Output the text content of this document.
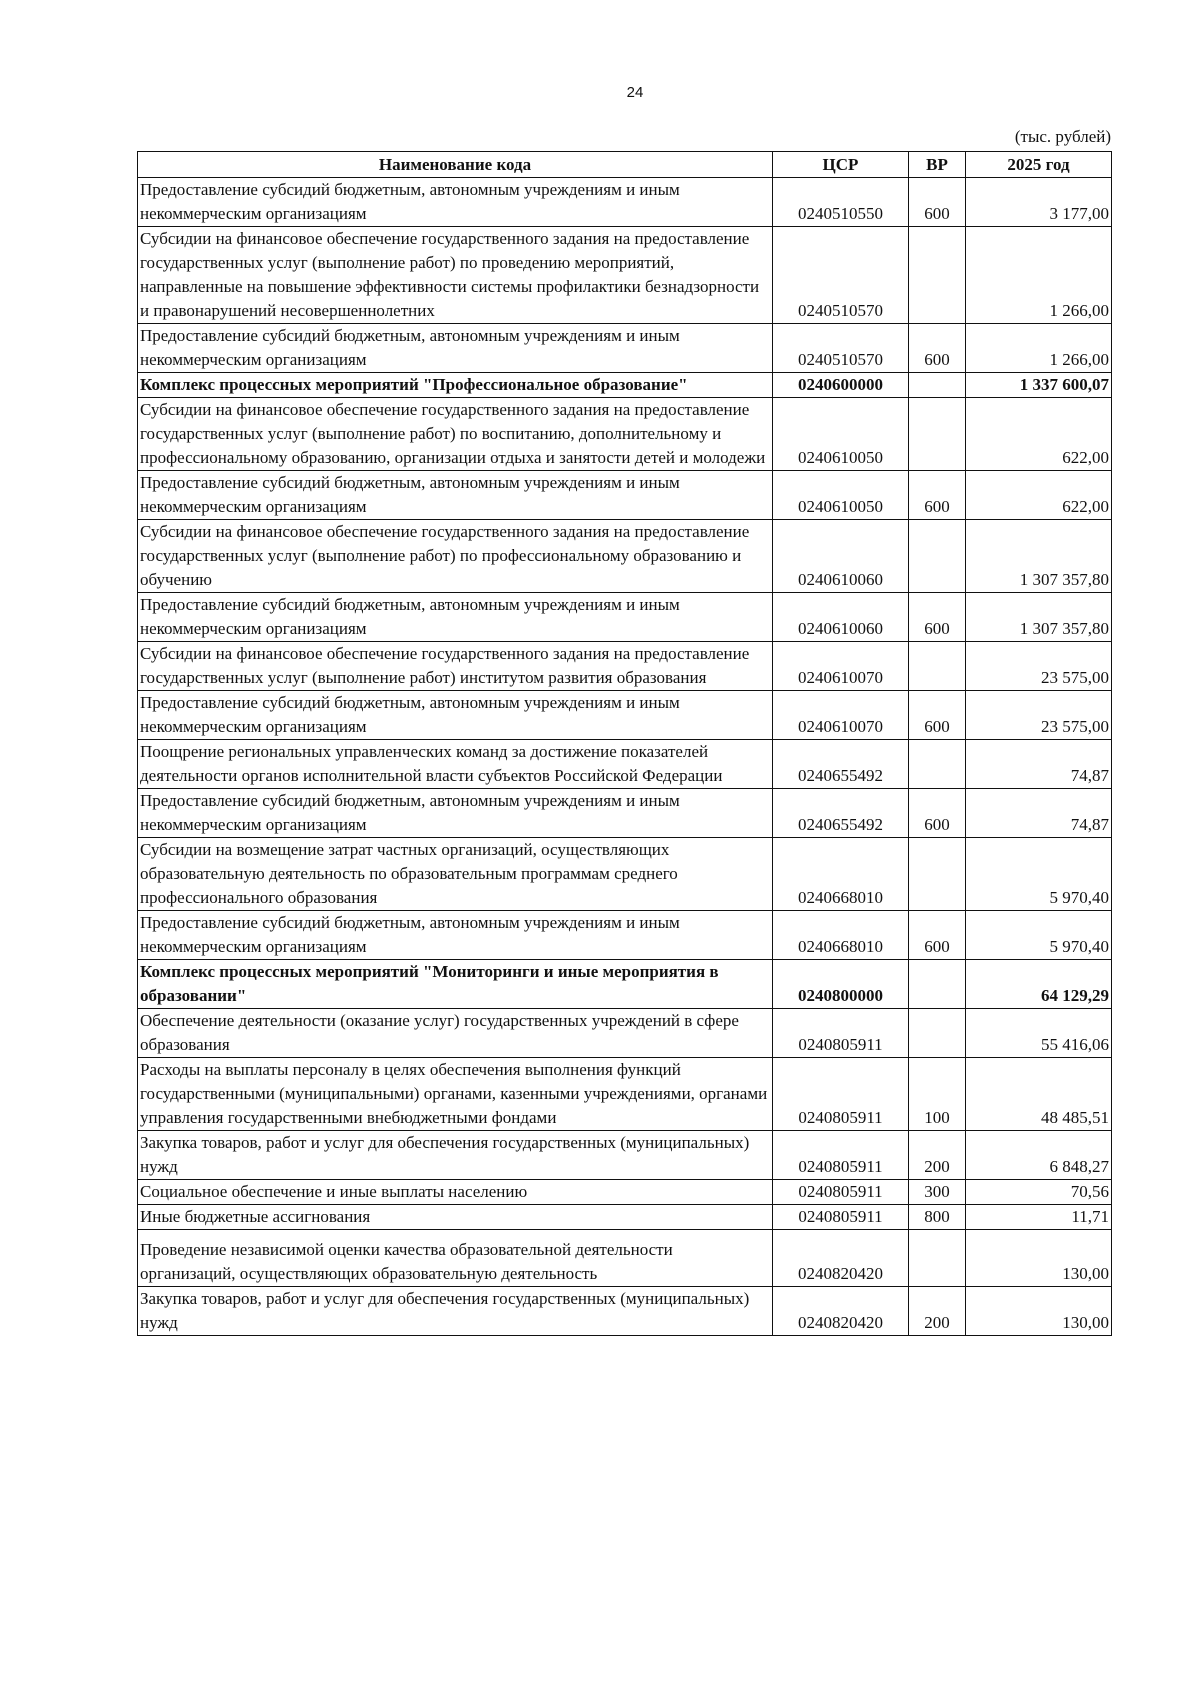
24
(тыс. рублей)
Наименование кода	ЦСР	ВР	2025 год
Предоставление субсидий бюджетным, автономным учреждениям и иным некоммерческим организациям	0240510550	600	3 177,00
Субсидии на финансовое обеспечение государственного задания на предоставление государственных услуг (выполнение работ) по проведению мероприятий, направленные на повышение эффективности системы профилактики безнадзорности и правонарушений несовершеннолетних	0240510570		1 266,00
Предоставление субсидий бюджетным, автономным учреждениям и иным некоммерческим организациям	0240510570	600	1 266,00
Комплекс процессных мероприятий "Профессиональное образование"	0240600000		1 337 600,07
Субсидии на финансовое обеспечение государственного задания на предоставление государственных услуг (выполнение работ) по воспитанию, дополнительному и профессиональному образованию, организации отдыха и занятости детей и молодежи	0240610050		622,00
Предоставление субсидий бюджетным, автономным учреждениям и иным некоммерческим организациям	0240610050	600	622,00
Субсидии на финансовое обеспечение государственного задания на предоставление государственных услуг (выполнение работ) по профессиональному образованию и обучению	0240610060		1 307 357,80
Предоставление субсидий бюджетным, автономным учреждениям и иным некоммерческим организациям	0240610060	600	1 307 357,80
Субсидии на финансовое обеспечение государственного задания на предоставление государственных услуг (выполнение работ) институтом развития образования	0240610070		23 575,00
Предоставление субсидий бюджетным, автономным учреждениям и иным некоммерческим организациям	0240610070	600	23 575,00
Поощрение региональных управленческих команд за достижение показателей деятельности органов исполнительной власти субъектов Российской Федерации	0240655492		74,87
Предоставление субсидий бюджетным, автономным учреждениям и иным некоммерческим организациям	0240655492	600	74,87
Субсидии на возмещение затрат частных организаций, осуществляющих образовательную деятельность по образовательным программам среднего профессионального образования	0240668010		5 970,40
Предоставление субсидий бюджетным, автономным учреждениям и иным некоммерческим организациям	0240668010	600	5 970,40
Комплекс процессных мероприятий "Мониторинги и иные мероприятия в образовании"	0240800000		64 129,29
Обеспечение деятельности (оказание услуг) государственных учреждений в сфере образования	0240805911		55 416,06
Расходы на выплаты персоналу в целях обеспечения выполнения функций государственными (муниципальными) органами, казенными учреждениями, органами управления государственными внебюджетными фондами	0240805911	100	48 485,51
Закупка товаров, работ и услуг для обеспечения государственных (муниципальных) нужд	0240805911	200	6 848,27
Социальное обеспечение и иные выплаты населению	0240805911	300	70,56
Иные бюджетные ассигнования	0240805911	800	11,71
Проведение независимой оценки качества образовательной деятельности организаций, осуществляющих образовательную деятельность	0240820420		130,00
Закупка товаров, работ и услуг для обеспечения государственных (муниципальных) нужд	0240820420	200	130,00
